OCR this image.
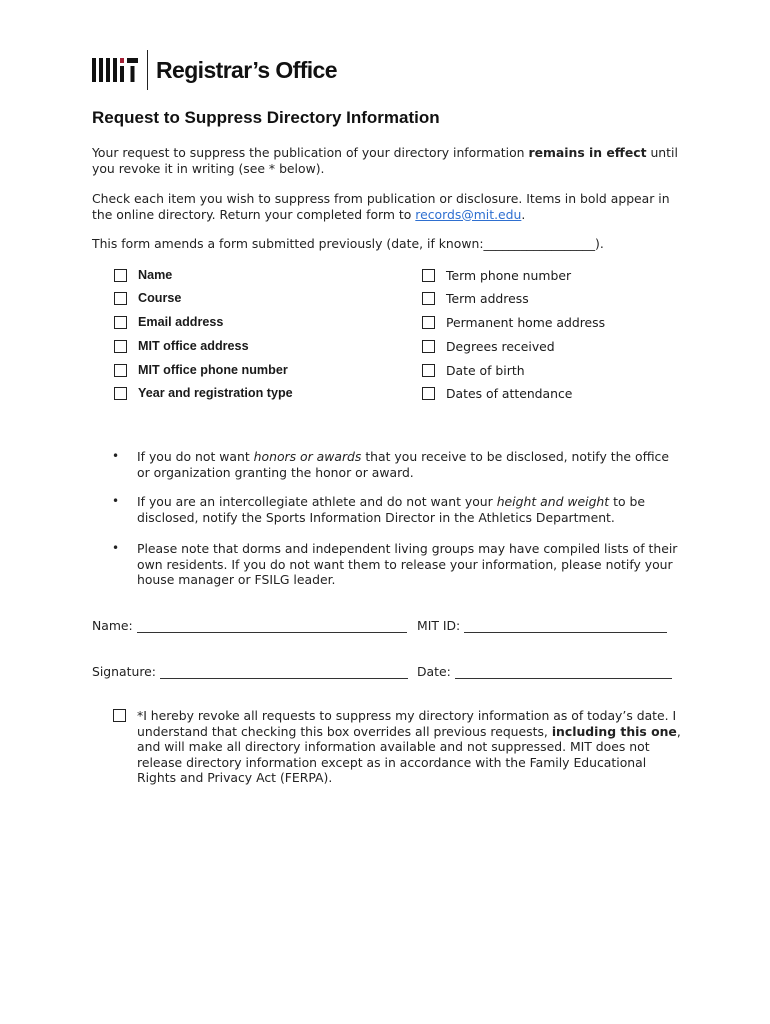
Registrar’s Office
Request to Suppress Directory Information

Your request to suppress the publication of your directory information remains in effect until you revoke it in writing (see * below).

Check each item you wish to suppress from publication or disclosure. Items in bold appear in the online directory. Return your completed form to records@mit.edu.

This form amends a form submitted previously (date, if known:__________________).

Name
Course
Email address
MIT office address
MIT office phone number
Year and registration type
Term phone number
Term address
Permanent home address
Degrees received
Date of birth
Dates of attendance
•	If you do not want honors or awards that you receive to be disclosed, notify the office or organization granting the honor or award.
•	If you are an intercollegiate athlete and do not want your height and weight to be disclosed, notify the Sports Information Director in the Athletics Department.
•	Please note that dorms and independent living groups may have compiled lists of their own residents. If you do not want them to release your information, please notify your house manager or FSILG leader.
Name:	MIT ID:
Signature:	Date:
*I hereby revoke all requests to suppress my directory information as of today’s date. I understand that checking this box overrides all previous requests, including this one, and will make all directory information available and not suppressed. MIT does not release directory information except as in accordance with the Family Educational Rights and Privacy Act (FERPA).
